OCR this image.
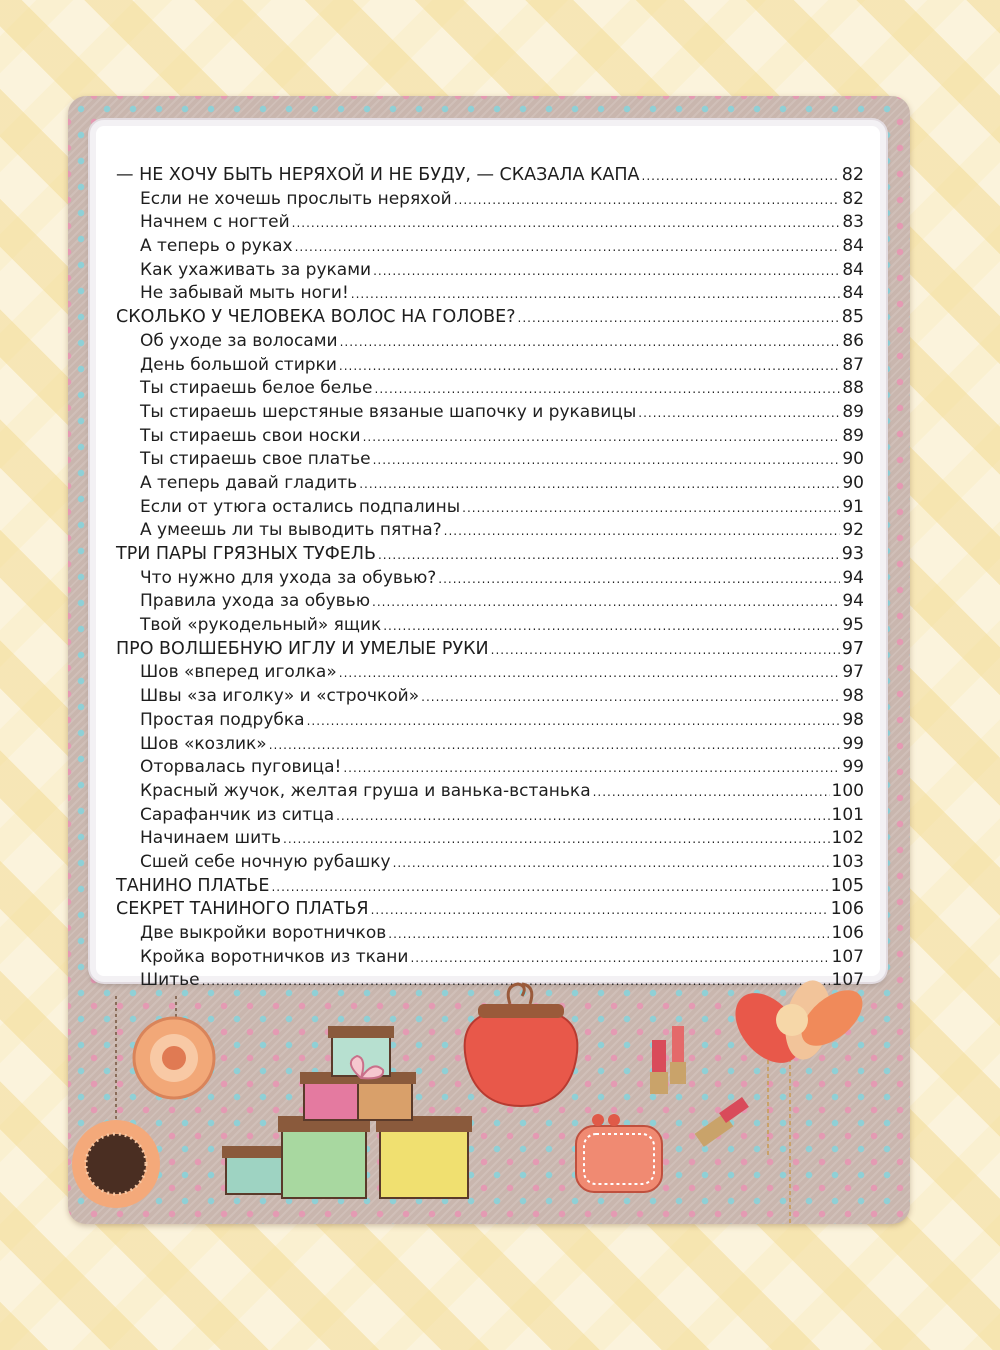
— НЕ ХОЧУ БЫТЬ НЕРЯХОЙ И НЕ БУДУ, — СКАЗАЛА КАПА .....	82
Если не хочешь прослыть неряхой .....	82
Начнем с ногтей .....	83
А теперь о руках .....	84
Как ухаживать за руками .....	84
Не забывай мыть ноги! .....	84
СКОЛЬКО У ЧЕЛОВЕКА ВОЛОС НА ГОЛОВЕ? .....	85
Об уходе за волосами .....	86
День большой стирки .....	87
Ты стираешь белое белье .....	88
Ты стираешь шерстяные вязаные шапочку и рукавицы .....	89
Ты стираешь свои носки .....	89
Ты стираешь свое платье .....	90
А теперь давай гладить .....	90
Если от утюга остались подпалины .....	91
А умеешь ли ты выводить пятна? .....	92
ТРИ ПАРЫ ГРЯЗНЫХ ТУФЕЛЬ .....	93
Что нужно для ухода за обувью? .....	94
Правила ухода за обувью .....	94
Твой «рукодельный» ящик .....	95
ПРО ВОЛШЕБНУЮ ИГЛУ И УМЕЛЫЕ РУКИ .....	97
Шов «вперед иголка» .....	97
Швы «за иголку» и «строчкой» .....	98
Простая подрубка .....	98
Шов «козлик» .....	99
Оторвалась пуговица! .....	99
Красный жучок, желтая груша и ванька-встанька .....	100
Сарафанчик из ситца .....	101
Начинаем шить .....	102
Сшей себе ночную рубашку .....	103
ТАНИНО ПЛАТЬЕ .....	105
СЕКРЕТ ТАНИНОГО ПЛАТЬЯ .....	106
Две выкройки воротничков .....	106
Кройка воротничков из ткани .....	107
Шитье .....	107
